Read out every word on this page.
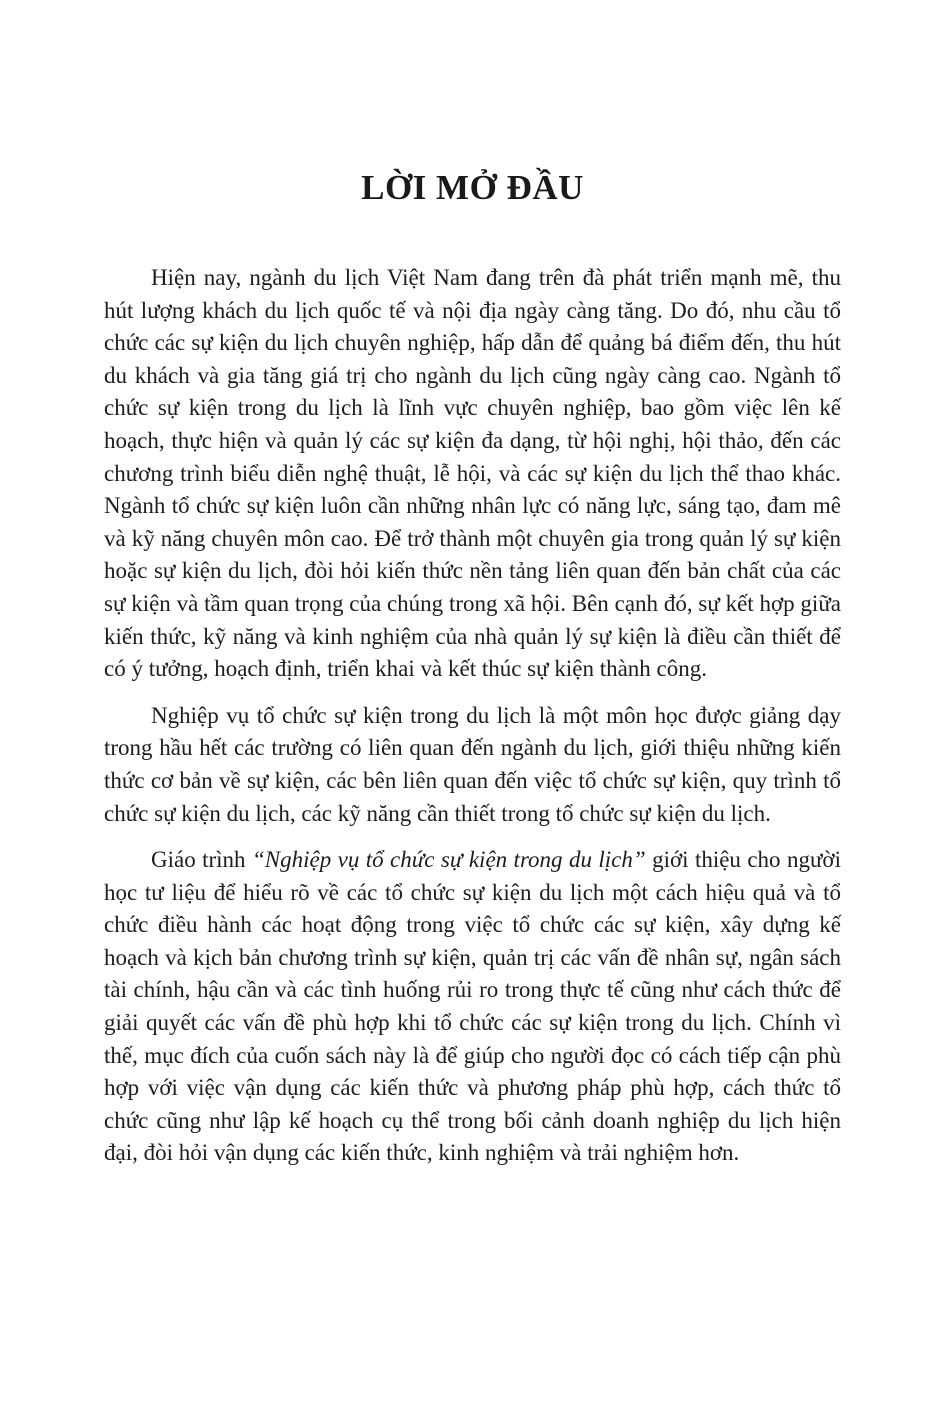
LỜI MỞ ĐẦU

Hiện nay, ngành du lịch Việt Nam đang trên đà phát triển mạnh mẽ, thu hút lượng khách du lịch quốc tế và nội địa ngày càng tăng. Do đó, nhu cầu tổ chức các sự kiện du lịch chuyên nghiệp, hấp dẫn để quảng bá điểm đến, thu hút du khách và gia tăng giá trị cho ngành du lịch cũng ngày càng cao. Ngành tổ chức sự kiện trong du lịch là lĩnh vực chuyên nghiệp, bao gồm việc lên kế hoạch, thực hiện và quản lý các sự kiện đa dạng, từ hội nghị, hội thảo, đến các chương trình biểu diễn nghệ thuật, lễ hội, và các sự kiện du lịch thể thao khác. Ngành tổ chức sự kiện luôn cần những nhân lực có năng lực, sáng tạo, đam mê và kỹ năng chuyên môn cao. Để trở thành một chuyên gia trong quản lý sự kiện hoặc sự kiện du lịch, đòi hỏi kiến thức nền tảng liên quan đến bản chất của các sự kiện và tầm quan trọng của chúng trong xã hội. Bên cạnh đó, sự kết hợp giữa kiến thức, kỹ năng và kinh nghiệm của nhà quản lý sự kiện là điều cần thiết để có ý tưởng, hoạch định, triển khai và kết thúc sự kiện thành công.

Nghiệp vụ tổ chức sự kiện trong du lịch là một môn học được giảng dạy trong hầu hết các trường có liên quan đến ngành du lịch, giới thiệu những kiến thức cơ bản về sự kiện, các bên liên quan đến việc tổ chức sự kiện, quy trình tổ chức sự kiện du lịch, các kỹ năng cần thiết trong tổ chức sự kiện du lịch.

Giáo trình “Nghiệp vụ tổ chức sự kiện trong du lịch” giới thiệu cho người học tư liệu để hiểu rõ về các tổ chức sự kiện du lịch một cách hiệu quả và tổ chức điều hành các hoạt động trong việc tổ chức các sự kiện, xây dựng kế hoạch và kịch bản chương trình sự kiện, quản trị các vấn đề nhân sự, ngân sách tài chính, hậu cần và các tình huống rủi ro trong thực tế cũng như cách thức để giải quyết các vấn đề phù hợp khi tổ chức các sự kiện trong du lịch. Chính vì thế, mục đích của cuốn sách này là để giúp cho người đọc có cách tiếp cận phù hợp với việc vận dụng các kiến thức và phương pháp phù hợp, cách thức tổ chức cũng như lập kế hoạch cụ thể trong bối cảnh doanh nghiệp du lịch hiện đại, đòi hỏi vận dụng các kiến thức, kinh nghiệm và trải nghiệm hơn.
